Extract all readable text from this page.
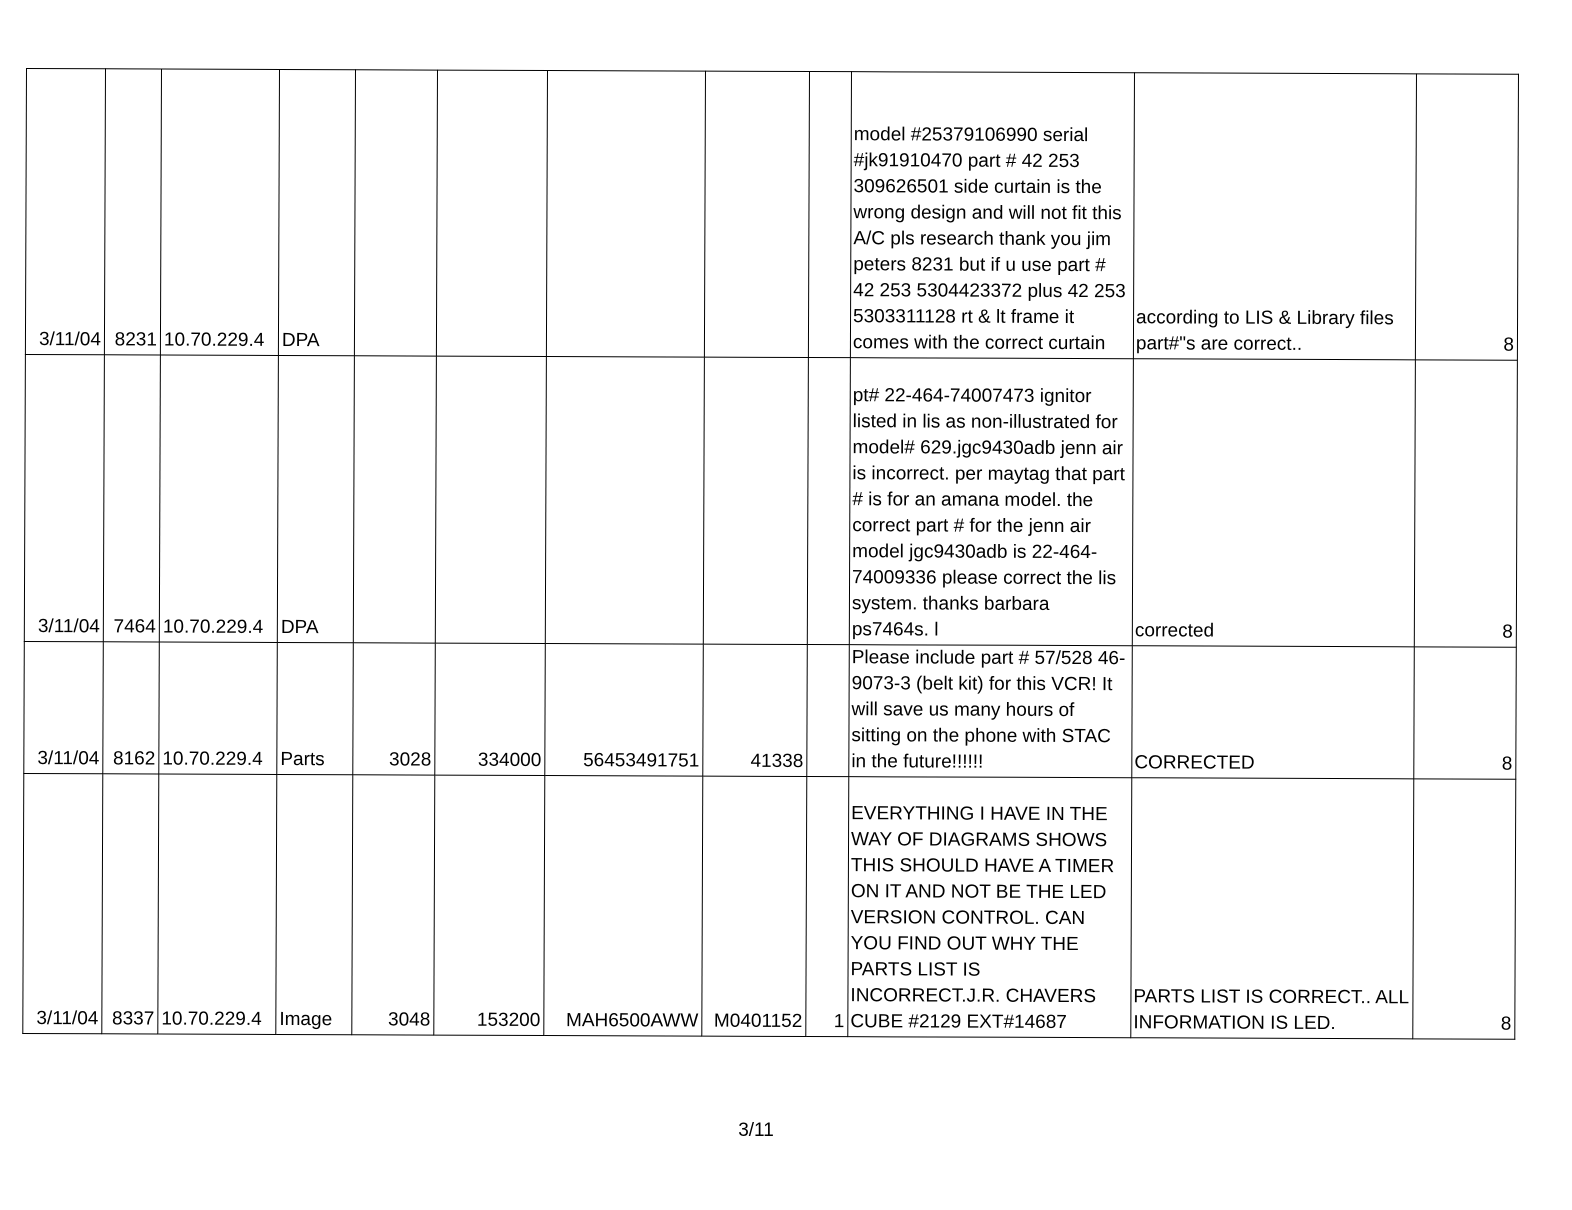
3/11/04	8231	10.70.229.4	DPA						model #25379106990 serial #jk91910470 part # 42 253 309626501 side curtain is the wrong design and will not fit this A/C pls research thank you jim peters 8231 but if u use part # 42 253 5304423372 plus 42 253 5303311128 rt & lt frame it comes with the correct curtain	according to LIS & Library files part#"s are correct..	8
3/11/04	7464	10.70.229.4	DPA						pt# 22-464-74007473 ignitor listed in lis as non-illustrated for model# 629.jgc9430adb jenn air is incorrect. per maytag that part # is for an amana model. the correct part # for the jenn air model jgc9430adb is 22-464-74009336 please correct the lis system. thanks barbara ps7464s. l	corrected	8
3/11/04	8162	10.70.229.4	Parts	3028	334000	56453491751	41338		Please include part # 57/528 46-9073-3 (belt kit) for this VCR! It will save us many hours of sitting on the phone with STAC in the future!!!!!!	CORRECTED	8
3/11/04	8337	10.70.229.4	Image	3048	153200	MAH6500AWW	M0401152	1	EVERYTHING I HAVE IN THE WAY OF DIAGRAMS SHOWS THIS SHOULD HAVE A TIMER ON IT AND NOT BE THE LED VERSION CONTROL. CAN YOU FIND OUT WHY THE PARTS LIST IS INCORRECT.J.R. CHAVERS CUBE #2129 EXT#14687	PARTS LIST IS CORRECT.. ALL INFORMATION IS LED.	8
3/11
